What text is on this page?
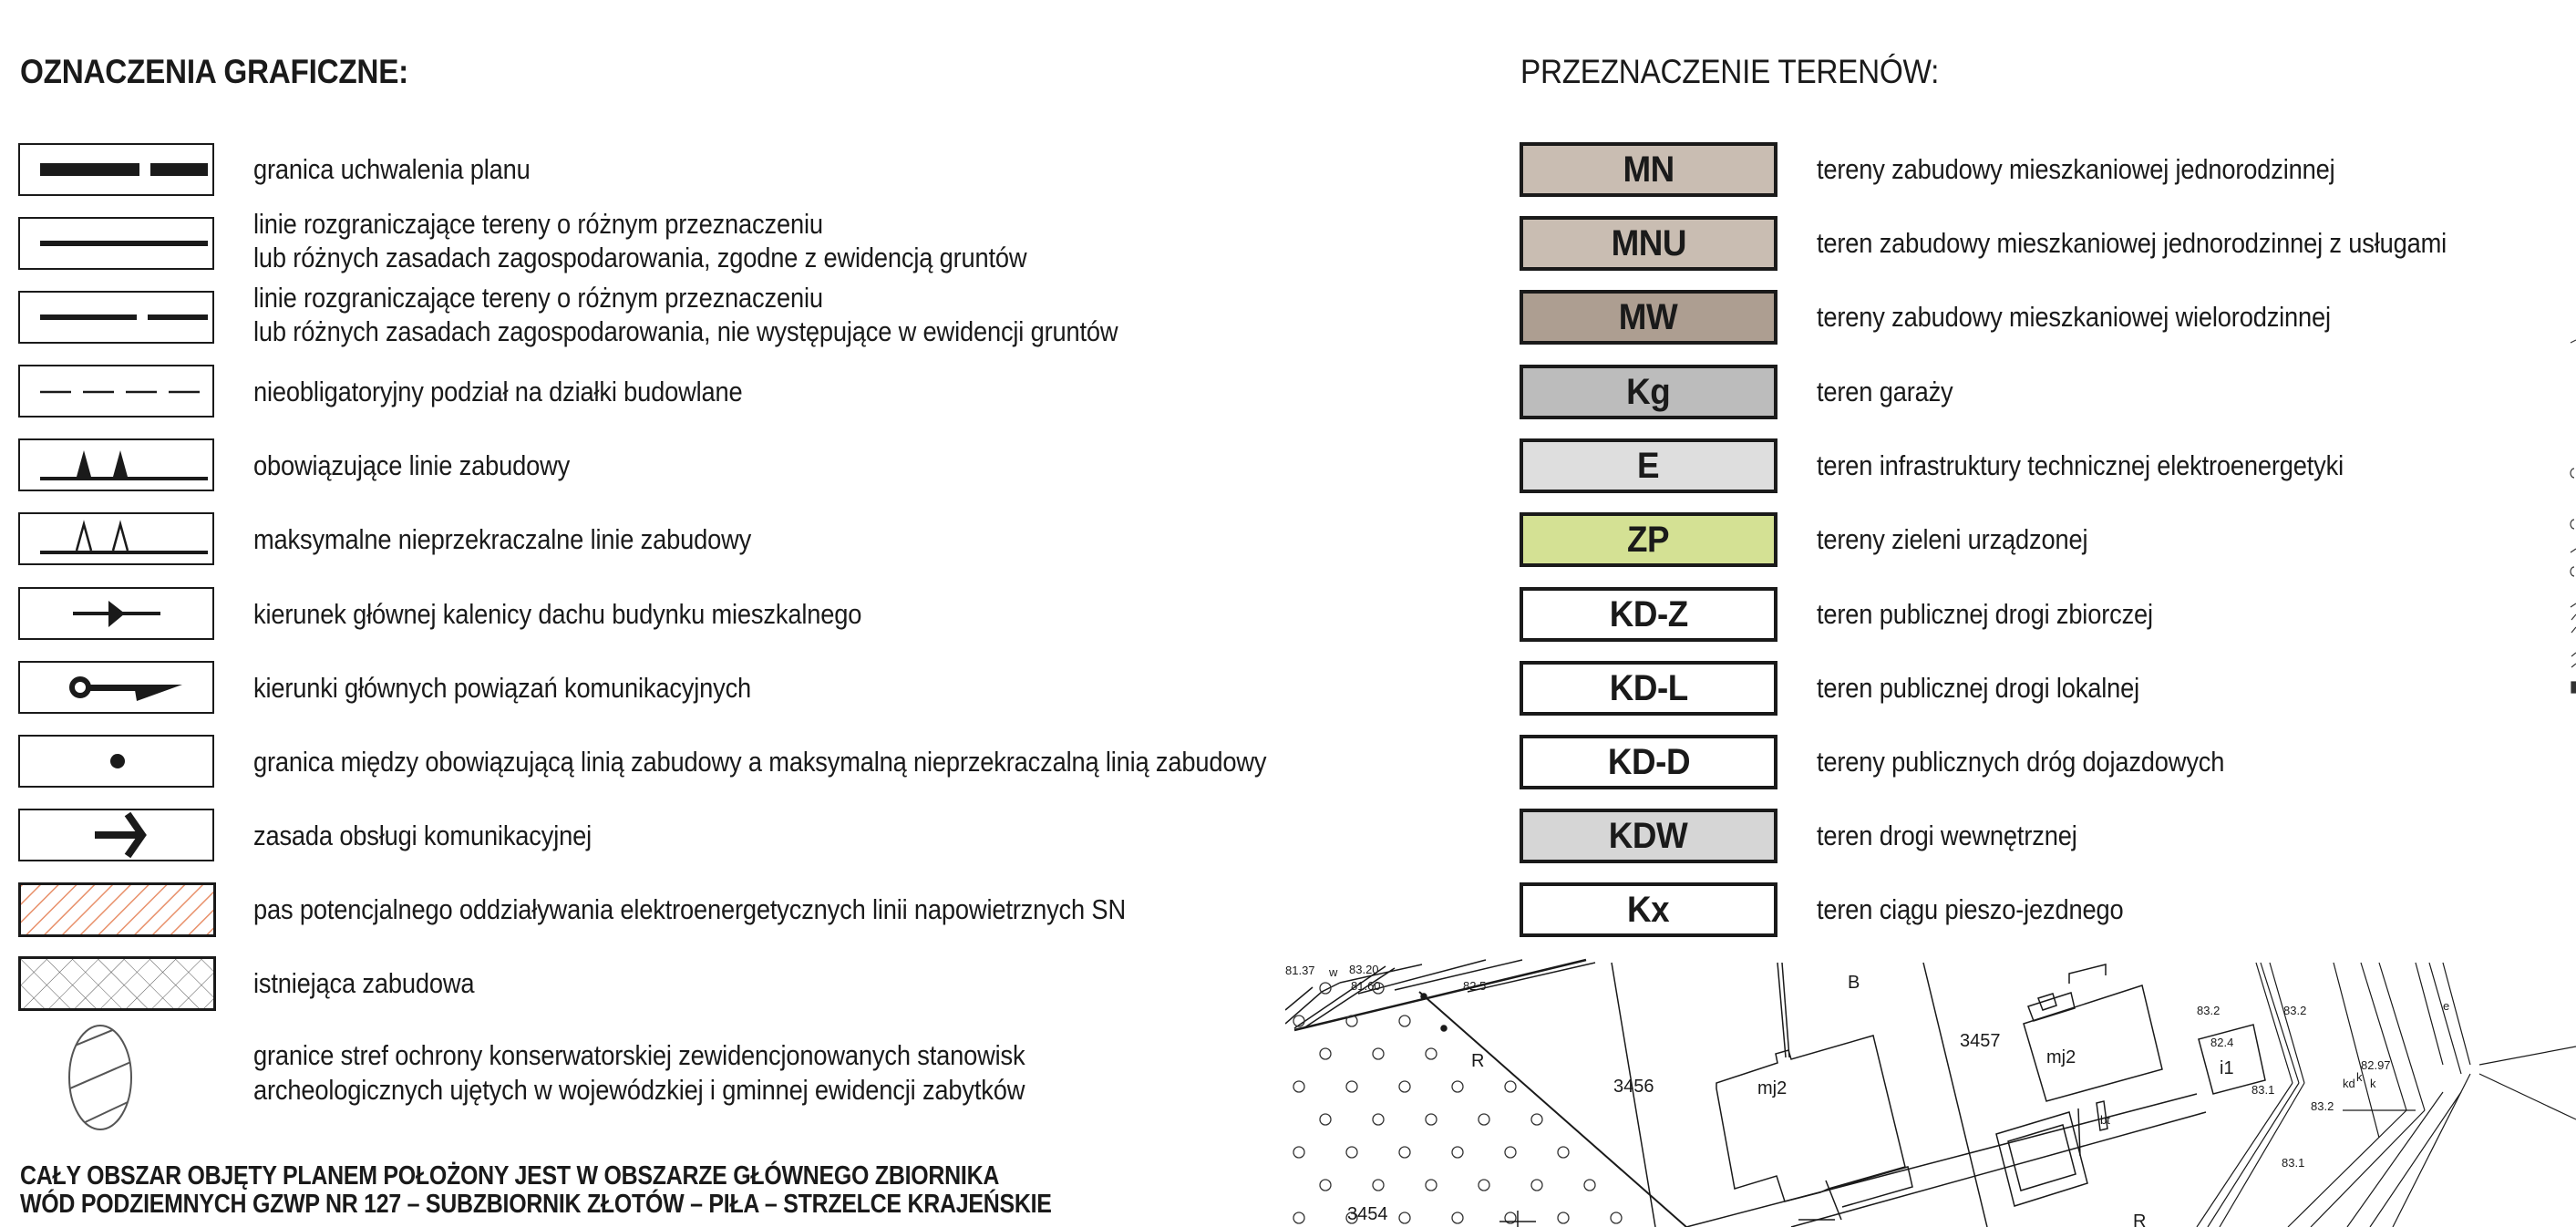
OZNACZENIA GRAFICZNE:
granica uchwalenia planu
linie rozgraniczające tereny o różnym przeznaczeniu
lub różnych zasadach zagospodarowania, zgodne z ewidencją gruntów
linie rozgraniczające tereny o różnym przeznaczeniu
lub różnych zasadach zagospodarowania, nie występujące w ewidencji gruntów
nieobligatoryjny podział na działki budowlane
obowiązujące linie zabudowy
maksymalne nieprzekraczalne linie zabudowy
kierunek głównej kalenicy dachu budynku mieszkalnego
kierunki głównych powiązań komunikacyjnych
granica między obowiązującą linią zabudowy a maksymalną nieprzekraczalną linią zabudowy
zasada obsługi komunikacyjnej
pas potencjalnego oddziaływania elektroenergetycznych linii napowietrznych SN
istniejąca zabudowa
granice stref ochrony konserwatorskiej zewidencjonowanych stanowisk
archeologicznych ujętych w wojewódzkiej i gminnej ewidencji zabytków
CAŁY OBSZAR OBJĘTY PLANEM POŁOŻONY JEST W OBSZARZE GŁÓWNEGO ZBIORNIKA
WÓD PODZIEMNYCH GZWP NR 127 – SUBZBIORNIK ZŁOTÓW – PIŁA – STRZELCE KRAJEŃSKIE
PRZEZNACZENIE TERENÓW:
MN	tereny zabudowy mieszkaniowej jednorodzinnej
MNU	teren zabudowy mieszkaniowej jednorodzinnej z usługami
MW	tereny zabudowy mieszkaniowej wielorodzinnej
Kg	teren garaży
E	teren infrastruktury technicznej elektroenergetyki
ZP	tereny zieleni urządzonej
KD-Z	teren publicznej drogi zbiorczej
KD-L	teren publicznej drogi lokalnej
KD-D	tereny publicznych dróg dojazdowych
KDW	teren drogi wewnętrznej
Kx	teren ciągu pieszo-jezdnego
81.37 w 83.20
81.60	82.5
82.4
83.2	83.2
83.2
83.1
83.1
82.97
kd k k
e
bt
R
R
B
mj2
mj2
i1
3454
3456
3457
